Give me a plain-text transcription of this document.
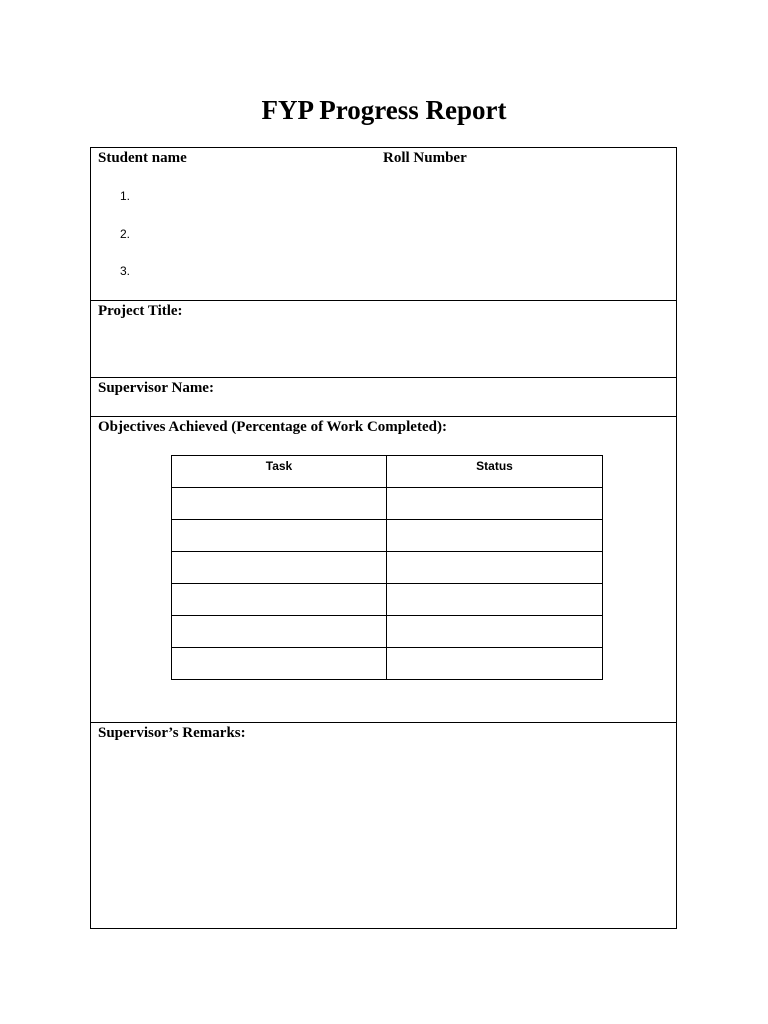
FYP Progress Report
Student name	Roll Number
1.
2.
3.
Project Title:
Supervisor Name:
Objectives Achieved (Percentage of Work Completed):
Task	Status

Supervisor’s Remarks:
